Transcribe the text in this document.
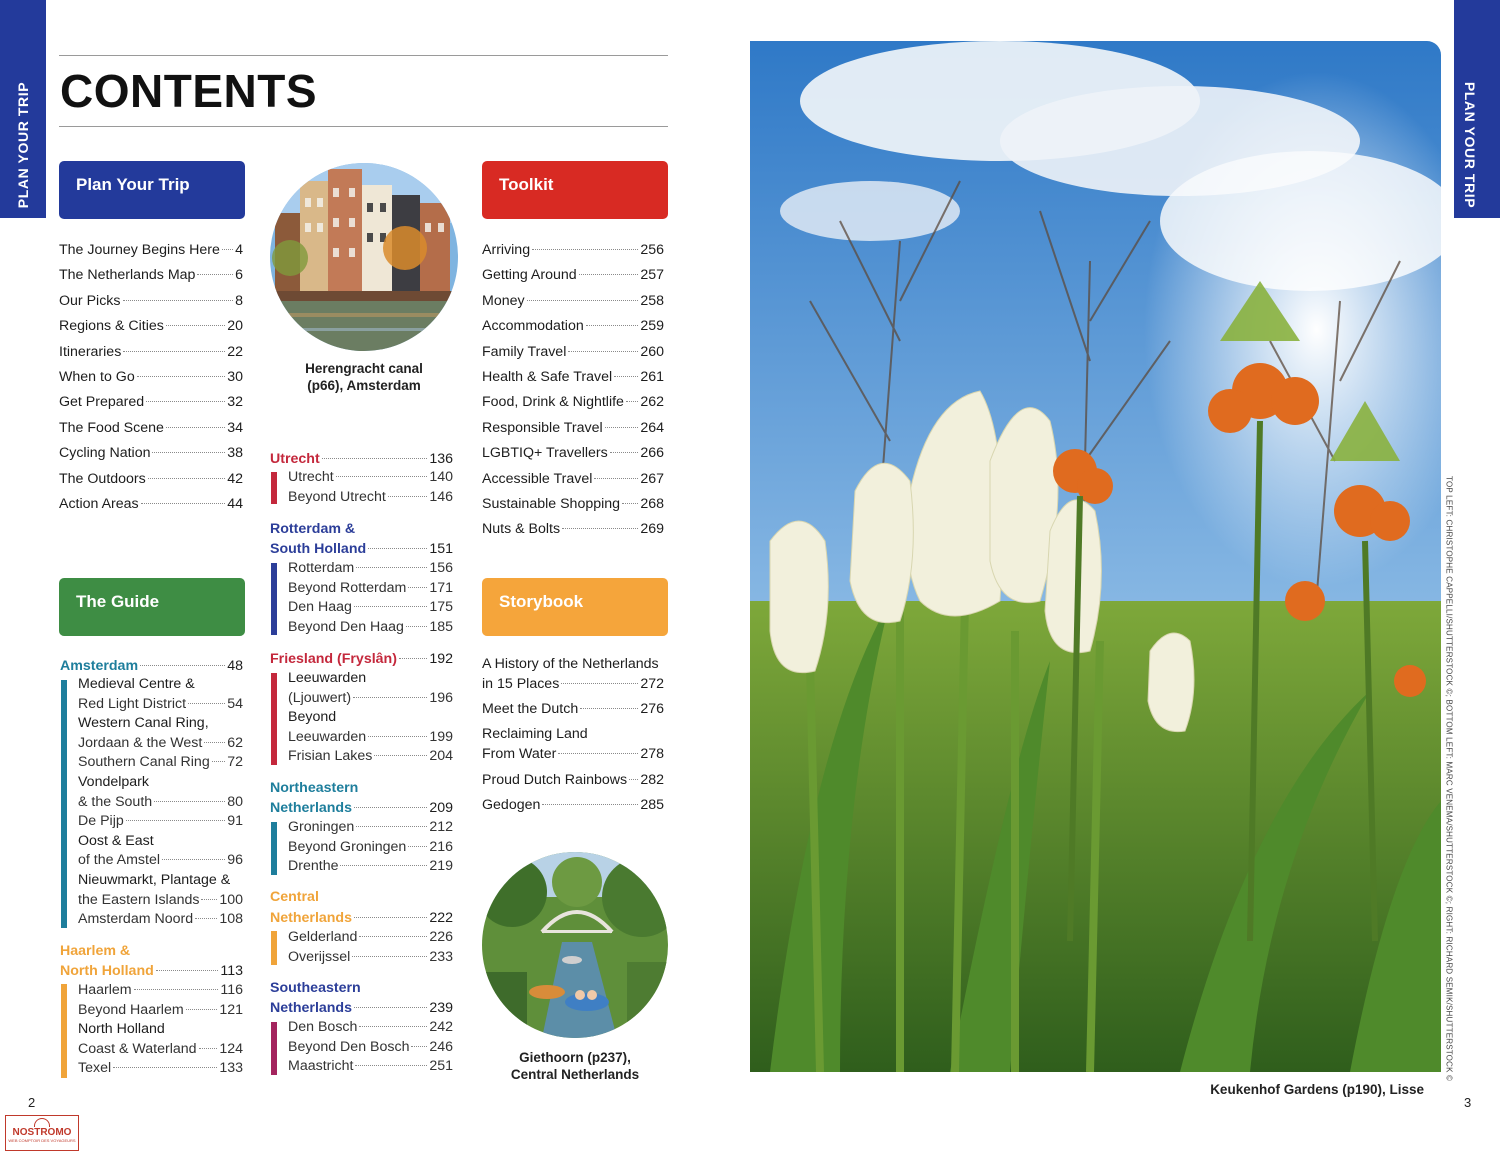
PLAN YOUR TRIP	PLAN YOUR TRIP
CONTENTS
Plan Your Trip
The Guide
Toolkit
Storybook
Amsterdam	48
Haarlem &
North Holland	113
Herengracht canal
(p66), Amsterdam
A History of the Netherlands
in 15 Places	272
Meet the Dutch	276
Reclaiming Land
From Water	278
Proud Dutch Rainbows 282
Gedogen	285
Giethoorn (p237),
Central Netherlands
Keukenhof Gardens (p190), Lisse
TOP LEFT: CHRISTOPHE CAPPELLI/SHUTTERSTOCK ©; BOTTOM LEFT: MARC VENEMA/SHUTTERSTOCK ©; RIGHT: RICHARD SEMIK/SHUTTERSTOCK ©
2	3
NOSTROMO
WEB COMPTOIR DES VOYAGEURS
The Journey Begins Here 4
The Netherlands Map	6
Our Picks	8
Regions & Cities	20
Itineraries	22
When to Go	30
Get Prepared	32
The Food Scene	34
Cycling Nation	38
The Outdoors	42
Action Areas	44
Arriving	256
Getting Around	257
Money	258
Accommodation	259
Family Travel	260
Health & Safe Travel 261
Food, Drink & Nightlife 262
Responsible Travel	264
LGBTIQ+ Travellers 266
Accessible Travel	267
Sustainable Shopping 268
Nuts & Bolts	269
Medieval Centre &
Red Light District	54
Western Canal Ring,
Jordaan & the West 62
Southern Canal Ring 72
Vondelpark
& the South	80
De Pijp	91
Oost & East
of the Amstel	96
Nieuwmarkt, Plantage &
the Eastern Islands 100
Amsterdam Noord 108
Haarlem	116
Beyond Haarlem	121
North Holland
Coast & Waterland 124
Texel	133
Utrecht	136
Utrecht	140
Beyond Utrecht	146
Rotterdam &
South Holland	151
Rotterdam	156
Beyond Rotterdam 171
Den Haag	175
Beyond Den Haag 185
Friesland (Fryslân) 192
Leeuwarden
(Ljouwert)	196
Beyond
Leeuwarden	199
Frisian Lakes	204
Northeastern
Netherlands	209
Groningen	212
Beyond Groningen 216
Drenthe	219
Central
Netherlands	222
Gelderland	226
Overijssel	233
Southeastern
Netherlands	239
Den Bosch	242
Beyond Den Bosch 246
Maastricht	251
